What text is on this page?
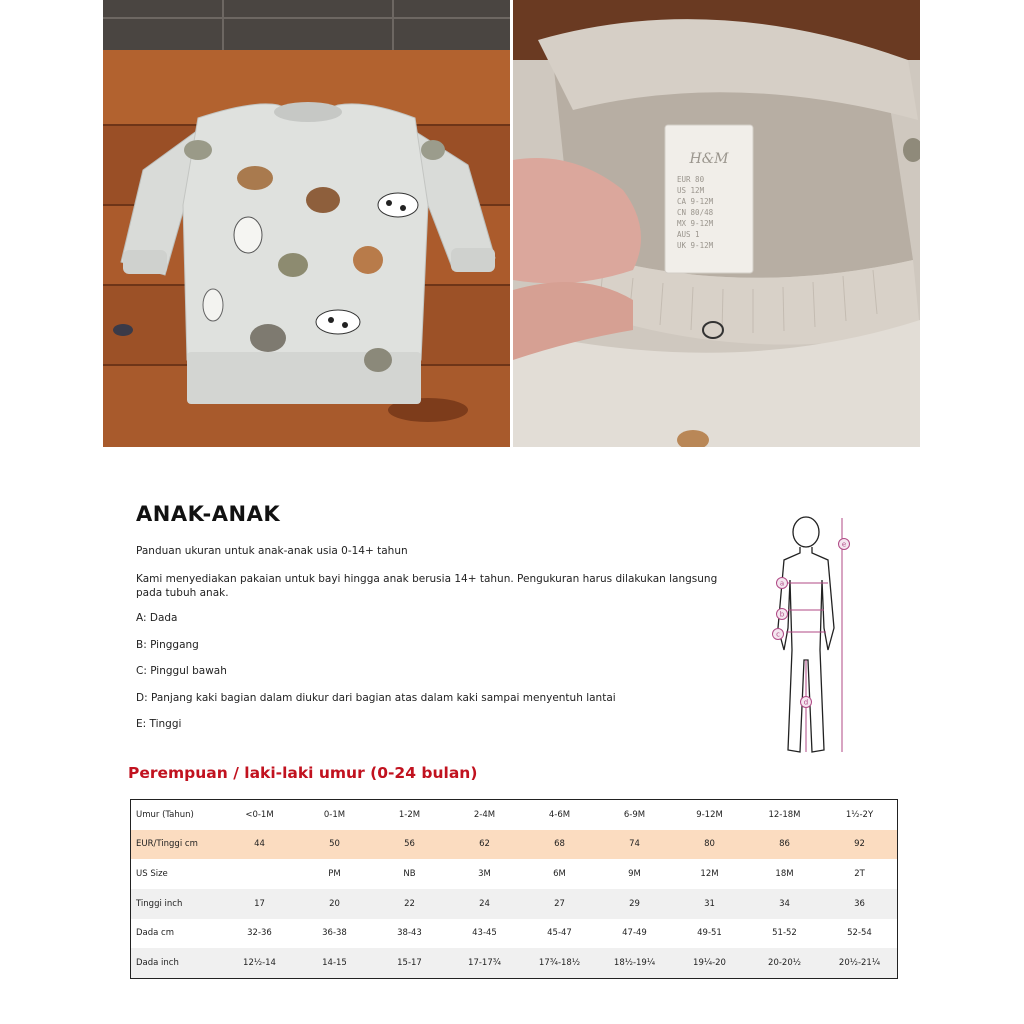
H&M
EUR 80
US 12M
CA 9-12M
CN 80/48
MX 9-12M
AUS 1
UK 9-12M
ANAK-ANAK

Panduan ukuran untuk anak-anak usia 0-14+ tahun

Kami menyediakan pakaian untuk bayi hingga anak berusia 14+ tahun. Pengukuran harus dilakukan langsung pada tubuh anak.

A: Dada

B: Pinggang

C: Pinggul bawah

D: Panjang kaki bagian dalam diukur dari bagian atas dalam kaki sampai menyentuh lantai

E: Tinggi

a
b
c
d
e
Perempuan / laki-laki umur (0-24 bulan)
Umur (Tahun)	<0-1M	0-1M	1-2M	2-4M	4-6M	6-9M	9-12M	12-18M	1½-2Y
EUR/Tinggi cm	44	50	56	62	68	74	80	86	92
US Size		PM	NB	3M	6M	9M	12M	18M	2T
Tinggi inch	17	20	22	24	27	29	31	34	36
Dada cm	32-36	36-38	38-43	43-45	45-47	47-49	49-51	51-52	52-54
Dada inch	12½-14	14-15	15-17	17-17¾	17¾-18½	18½-19¼	19¼-20	20-20½	20½-21¼
